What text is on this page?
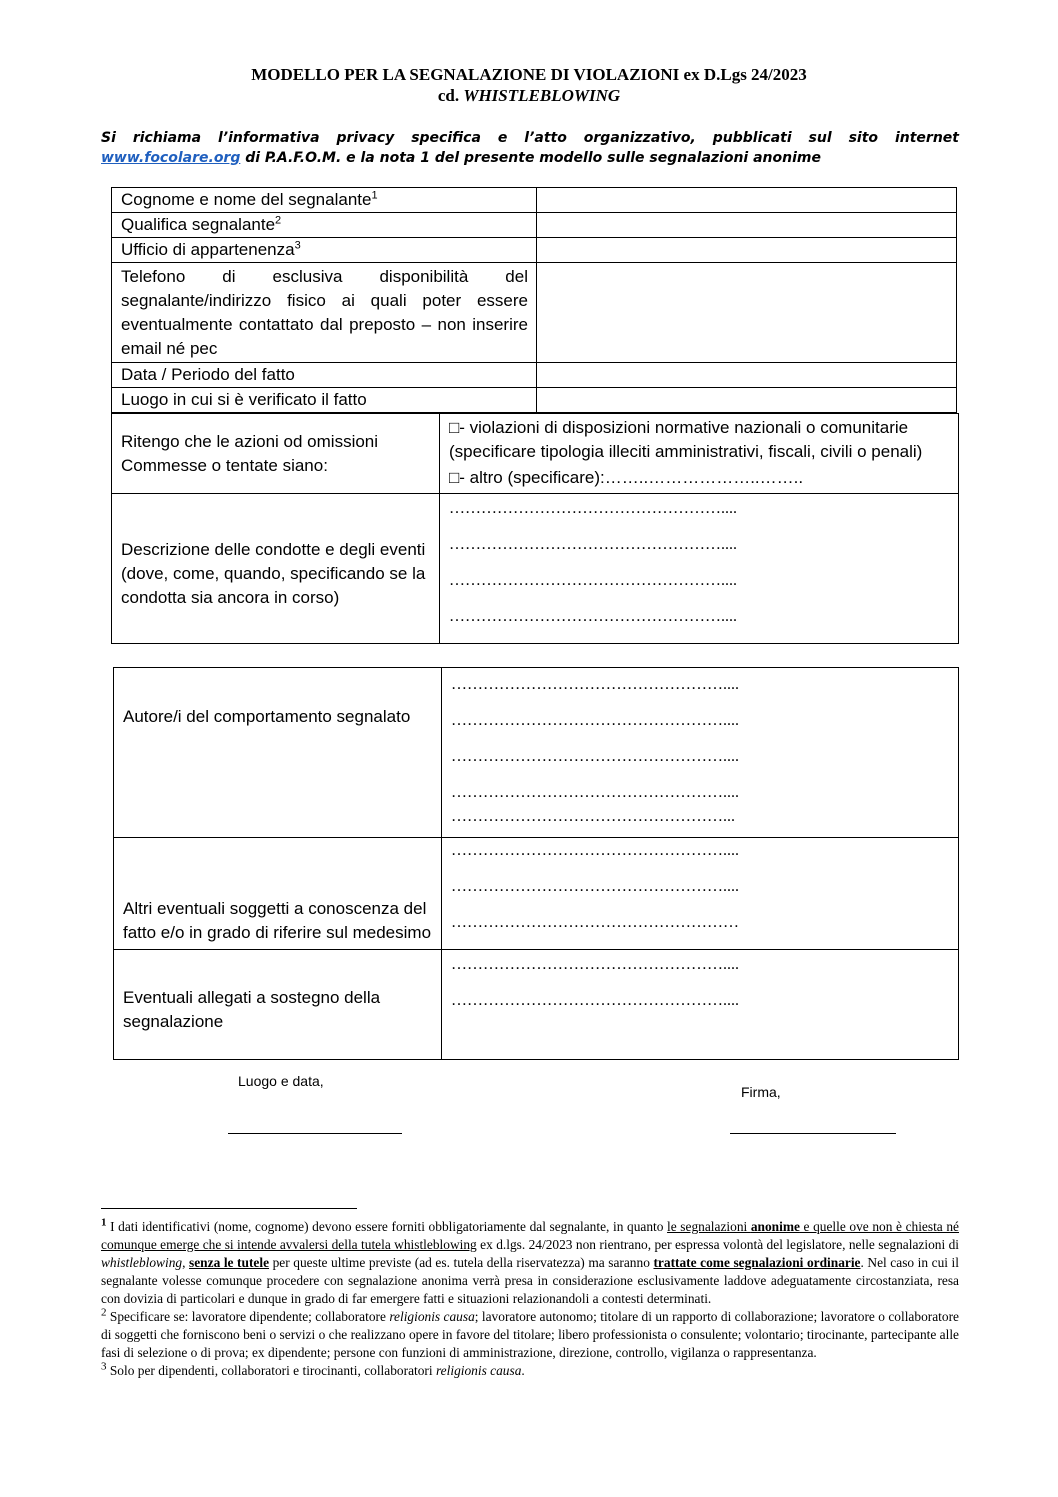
MODELLO PER LA SEGNALAZIONE DI VIOLAZIONI ex D.Lgs 24/2023
cd. WHISTLEBLOWING
Si richiama l’informativa privacy specifica e l’atto organizzativo, pubblicati sul sito internet
www.focolare.org di P.A.F.O.M. e la nota 1 del presente modello sulle segnalazioni anonime
Cognome e nome del segnalante$^1$	
Qualifica segnalante$^2$	
Ufficio di appartenenza$^3$	
Telefono di esclusiva disponibilità del segnalante/indirizzo fisico ai quali poter essere eventualmente contattato dal preposto – non inserire email né pec	
Data / Periodo del fatto	
Luogo in cui si è verificato il fatto	
Ritengo che le azioni od omissioni Commesse o tentate siano:	□- violazioni di disposizioni normative nazionali o comunitarie (specificare tipologia illeciti amministrativi, fiscali, civili o penali)
□- altro (specificare):……..………………..……..

Descrizione delle condotte e degli eventi (dove, come, quando, specificando se la condotta sia ancora in corso)	……………………………………………....
……………………………………………....
……………………………………………....
……………………………………………....
Autore/i del comportamento segnalato	……………………………………………....
……………………………………………....
……………………………………………....
……………………………………………....
……………………………………………...

Altri eventuali soggetti a conoscenza del fatto e/o in grado di riferire sul medesimo	……………………………………………....
……………………………………………....
………………………………………………

Eventuali allegati a sostegno della segnalazione	……………………………………………....
……………………………………………....
Luogo e data,
Firma,

$^1$ I dati identificativi (nome, cognome) devono essere forniti obbligatoriamente dal segnalante, in quanto le segnalazioni anonime e quelle ove non è chiesta né comunque emerge che si intende avvalersi della tutela whistleblowing ex d.lgs. 24/2023 non rientrano, per espressa volontà del legislatore, nelle segnalazioni di whistleblowing, senza le tutele per queste ultime previste (ad es. tutela della riservatezza) ma saranno trattate come segnalazioni ordinarie. Nel caso in cui il segnalante volesse comunque procedere con segnalazione anonima verrà presa in considerazione esclusivamente laddove adeguatamente circostanziata, resa con dovizia di particolari e dunque in grado di far emergere fatti e situazioni relazionandoli a contesti determinati.

$^2$ Specificare se: lavoratore dipendente; collaboratore religionis causa; lavoratore autonomo; titolare di un rapporto di collaborazione; lavoratore o collaboratore di soggetti che forniscono beni o servizi o che realizzano opere in favore del titolare; libero professionista o consulente; volontario; tirocinante, partecipante alle fasi di selezione o di prova; ex dipendente; persone con funzioni di amministrazione, direzione, controllo, vigilanza o rappresentanza.

$^3$ Solo per dipendenti, collaboratori e tirocinanti, collaboratori religionis causa.
